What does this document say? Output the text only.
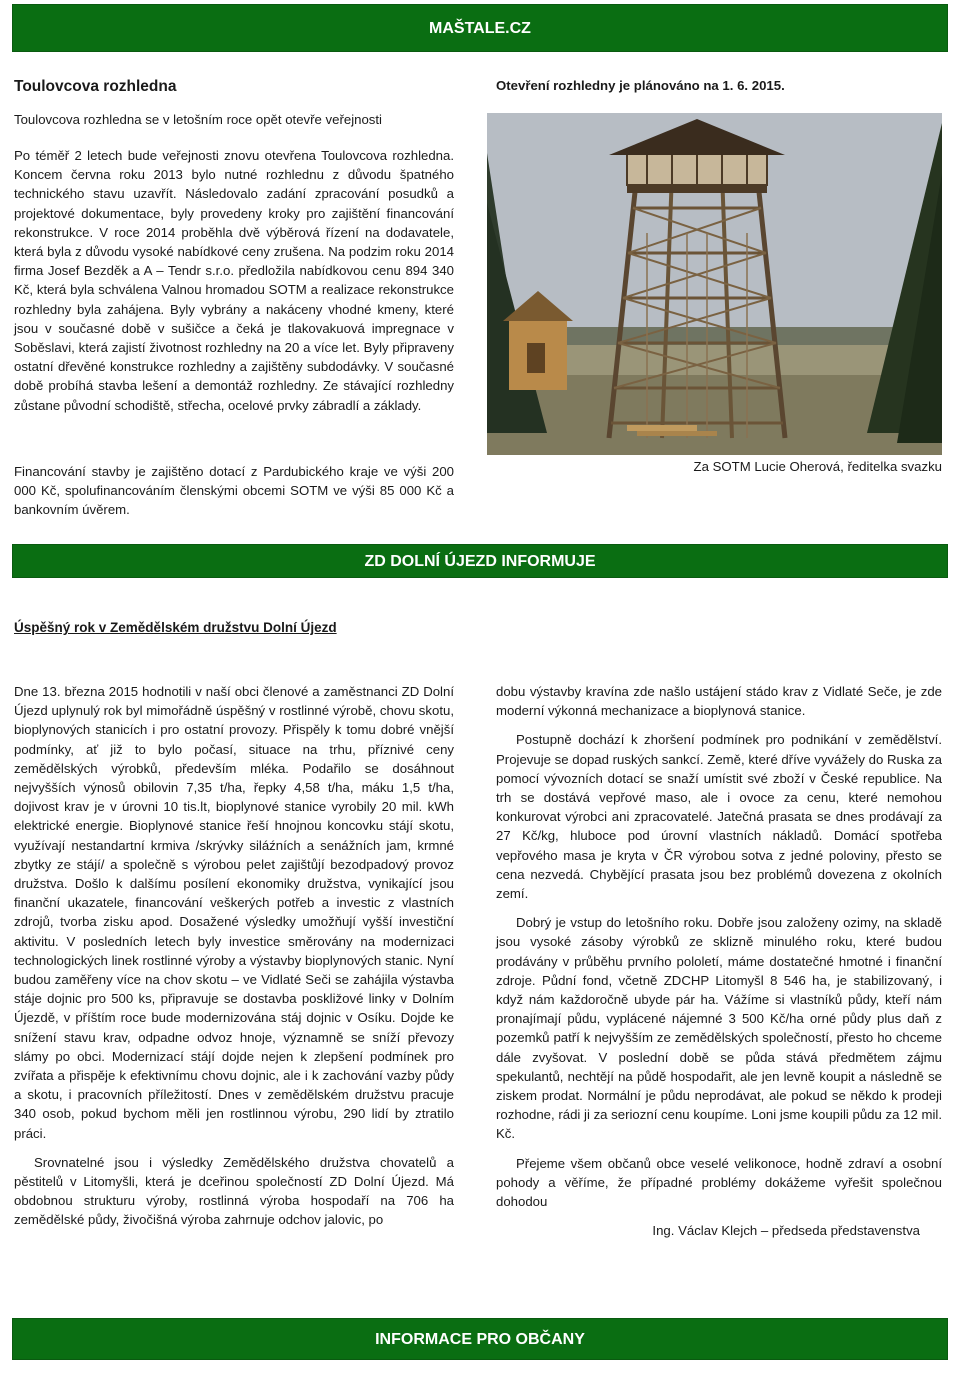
MAŠTALE.CZ
Toulovcova rozhledna
Toulovcova rozhledna se v letošním roce opět otevře veřejnosti
Po téměř 2 letech bude veřejnosti znovu otevřena Toulovcova rozhledna. Koncem června roku 2013 bylo nutné rozhlednu z důvodu špatného technického stavu uzavřít. Následovalo zadání zpracování posudků a projektové dokumentace, byly provedeny kroky pro zajištění financování rekonstrukce. V roce 2014 proběhla dvě výběrová řízení na dodavatele, která byla z důvodu vysoké nabídkové ceny zrušena. Na podzim roku 2014 firma Josef Bezděk a A – Tendr s.r.o. předložila nabídkovou cenu 894 340 Kč, která byla schválena Valnou hromadou SOTM a realizace rekonstrukce rozhledny byla zahájena. Byly vybrány a nakáceny vhodné kmeny, které jsou v současné době v sušičce a čeká je tlakovakuová impregnace v Soběslavi, která zajistí životnost rozhledny na 20 a více let. Byly připraveny ostatní dřevěné konstrukce rozhledny a zajištěny subdodávky. V současné době probíhá stavba lešení a demontáž rozhledny. Ze stávající rozhledny zůstane původní schodiště, střecha, ocelové prvky zábradlí a základy.
Financování stavby je zajištěno dotací z Pardubického kraje ve výši 200 000 Kč, spolufinancováním členskými obcemi SOTM ve výši 85 000 Kč a bankovním úvěrem.
Otevření rozhledny je plánováno na 1. 6. 2015.
Za SOTM Lucie Oherová, ředitelka svazku
ZD DOLNÍ ÚJEZD INFORMUJE
Úspěšný rok v Zemědělském družstvu Dolní Újezd

Dne 13. března 2015 hodnotili v naší obci členové a zaměstnanci ZD Dolní Újezd uplynulý rok byl mimořádně úspěšný v rostlinné výrobě, chovu skotu, bioplynových stanicích i pro ostatní provozy. Přispěly k tomu dobré vnější podmínky, ať již to bylo počasí, situace na trhu, příznivé ceny zemědělských výrobků, především mléka. Podařilo se dosáhnout nejvyšších výnosů obilovin 7,35 t/ha, řepky 4,58 t/ha, máku 1,5 t/ha, dojivost krav je v úrovni 10 tis.lt, bioplynové stanice vyrobily 20 mil. kWh elektrické energie. Bioplynové stanice řeší hnojnou koncovku stájí skotu, využívají nestandartní krmiva /skrývky siláźních a senážních jam, krmné zbytky ze stájí/ a společně s výrobou pelet zajištůjí bezodpadový provoz družstva. Došlo k dalšímu posílení ekonomiky družstva, vynikající jsou finanční ukazatele, financování veškerých potřeb a investic z vlastních zdrojů, tvorba zisku apod. Dosažené výsledky umožňují vyšší investiční aktivitu. V posledních letech byly investice směrovány na modernizaci technologických linek rostlinné výroby a výstavby bioplynových stanic. Nyní budou zaměřeny více na chov skotu – ve Vidlaté Seči se zahájila výstavba stáje dojnic pro 500 ks, připravuje se dostavba poskliz̆ové linky v Dolním Újezdě, v příštím roce bude modernizována stáj dojnic v Osíku. Dojde ke snížení stavu krav, odpadne odvoz hnoje, významně se sníží převozy slámy po obci. Modernizací stájí dojde nejen k zlepšení podmínek pro zvířata a přispěje k efektivnímu chovu dojnic, ale i k zachování vazby půdy a skotu, i pracovních příležitostí. Dnes v zemědělském družstvu pracuje 340 osob, pokud bychom měli jen rostlinnou výrobu, 290 lidí by ztratilo práci.

Srovnatelné jsou i výsledky Zemědělského družstva chovatelů a pěstitelů v Litomyšli, která je dceřinou společností ZD Dolní Újezd. Má obdobnou strukturu výroby, rostlinná výroba hospodaří na 706 ha zemědělské půdy, živočišná výroba zahrnuje odchov jalovic, po

dobu výstavby kravína zde našlo ustájení stádo krav z Vidlaté Seče, je zde moderní výkonná mechanizace a bioplynová stanice.

Postupně dochází k zhoršení podmínek pro podnikání v zemědělství. Projevuje se dopad ruských sankcí. Země, které dříve vyvážely do Ruska za pomocí vývozních dotací se snaží umístit své zboží v České republice. Na trh se dostává vepřové maso, ale i ovoce za cenu, které nemohou konkurovat výrobci ani zpracovatelé. Jatečná prasata se dnes prodávají za 27 Kč/kg, hluboce pod úrovní vlastních nákladů. Domácí spotřeba vepřového masa je kryta v ČR výrobou sotva z jedné poloviny, přesto se cena nezvedá. Chybějící prasata jsou bez problémů dovezena z okolních zemí.

Dobrý je vstup do letošního roku. Dobře jsou založeny ozimy, na skladě jsou vysoké zásoby výrobků ze sklizně minulého roku, které budou prodávány v průběhu prvního pololetí, máme dostatečné hmotné i finanční zdroje. Půdní fond, včetně ZDCHP Litomyšl 8 546 ha, je stabilizovaný, i když nám každoročně ubyde pár ha. Vážíme si vlastníků půdy, kteří nám pronajímají půdu, vyplácené nájemné 3 500 Kč/ha orné půdy plus daň z pozemků patří k nejvyšším ze zemědělských společností, přesto ho chceme dále zvyšovat. V poslední době se půda stává předmětem zájmu spekulantů, nechtějí na půdě hospodařit, ale jen levně koupit a následně se ziskem prodat. Normální je půdu neprodávat, ale pokud se někdo k prodeji rozhodne, rádi ji za seriozní cenu koupíme. Loni jsme koupili půdu za 12 mil. Kč.

Přejeme všem občanů obce veselé velikonoce, hodně zdraví a osobní pohody a věříme, že případné problémy dokážeme vyřešit společnou dohodou

Ing. Václav Klejch – předseda představenstva

INFORMACE PRO OBČANY
